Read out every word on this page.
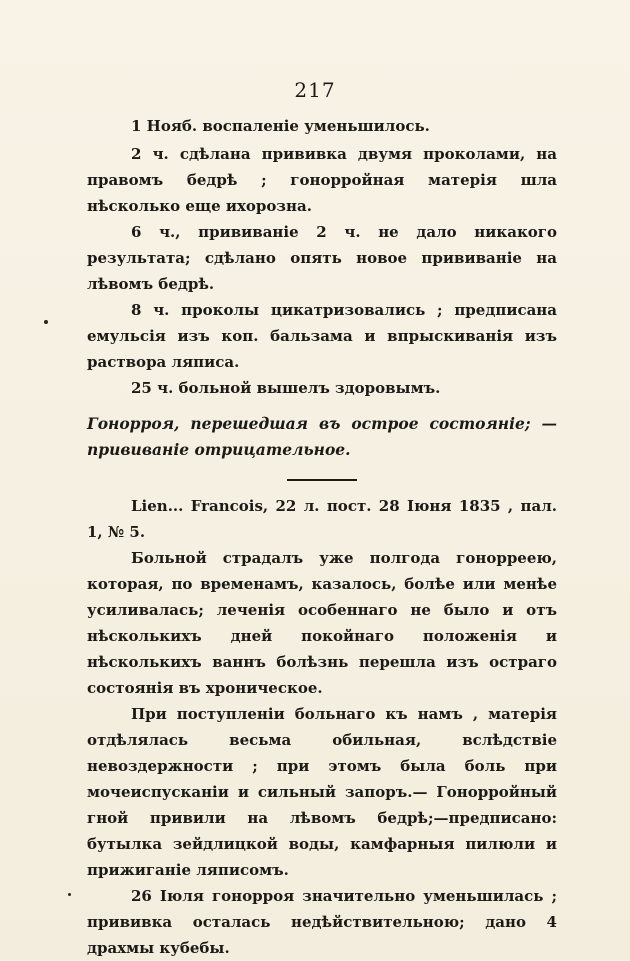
217

1 Нояб. воспаленіе уменьшилось.

2 ч. сдѣлана прививка двумя проколами, на правомъ бедрѣ ; гонорройная матерія шла нѣсколько еще ихорозна.

6 ч., прививаніе 2 ч. не дало никакого результата; сдѣлано опять новое прививаніе на лѣвомъ бедрѣ.

8 ч. проколы цикатризовались ; предписана емульсія изъ коп. бальзама и впрыскиванія изъ раствора ляписа.

25 ч. больной вышелъ здоровымъ.

Гонорроя, перешедшая въ острое состояніе; — прививаніе отрицательное.

Lien... Francois, 22 л. пост. 28 Іюня 1835 , пал. 1, № 5.

Больной страдалъ уже полгода гонорреею, которая, по временамъ, казалось, болѣе или менѣе усиливалась; леченія особеннаго не было и отъ нѣсколькихъ дней покойнаго положенія и нѣсколькихъ ваннъ болѣзнь перешла изъ остраго состоянія въ хроническое.

При поступленіи больнаго къ намъ , матерія отдѣлялась весьма обильная, вслѣдствіе невоздержности ; при этомъ была боль при мочеиспусканіи и сильный запоръ.— Гонорройный гной привили на лѣвомъ бедрѣ;—предписано: бутылка зейдлицкой воды, камфарныя пилюли и прижиганіе ляписомъ.

26 Іюля гонорроя значительно уменьшилась ; прививка осталась недѣйствительною; дано 4 драхмы кубебы.
